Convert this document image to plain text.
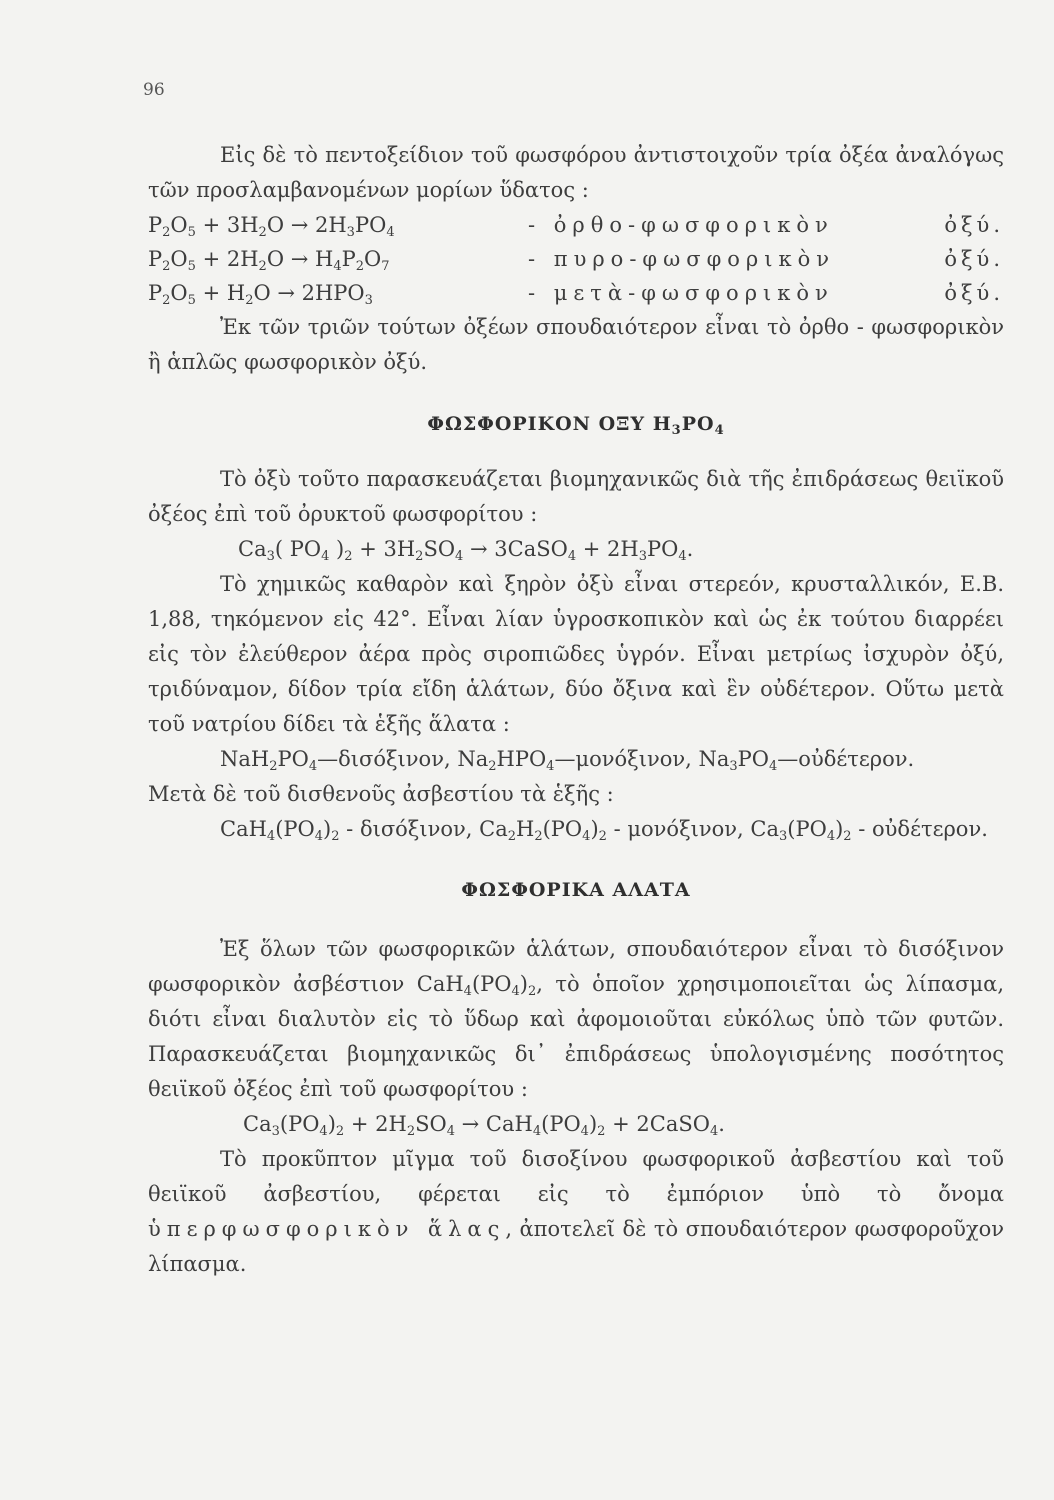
96

Εἰς δὲ τὸ πεντοξείδιον τοῦ φωσφόρου ἀντιστοιχοῦν τρία ὀξέα ἀναλόγως τῶν προσλαμβανομένων μορίων ὕδατος :

$P_2O_5 + 3H_2O \to 2H_3PO_4$	- ὀρθο-φωσφορικὸν	ὀξύ.
$P_2O_5 + 2H_2O \to H_4P_2O_7$	- πυρο-φωσφορικὸν	ὀξύ.
$P_2O_5 + H_2O \to 2HPO_3$	- μετὰ-φωσφορικὸν	ὀξύ.

Ἐκ τῶν τριῶν τούτων ὀξέων σπουδαιότερον εἶναι τὸ ὀρθο - φωσφορικὸν ἢ ἁπλῶς φωσφορικὸν ὀξύ.

ΦΩΣΦΟΡΙΚΟΝ ΟΞΥ $H_3PO_4$

Τὸ ὀξὺ τοῦτο παρασκευάζεται βιομηχανικῶς διὰ τῆς ἐπιδράσεως θειϊκοῦ ὀξέος ἐπὶ τοῦ ὀρυκτοῦ φωσφορίτου :

$Ca_3$( $PO_4$ )$_2 + 3H_2SO_4$ → 3CaSO$_4$ + $2H_3PO_4$.

Τὸ χημικῶς καθαρὸν καὶ ξηρὸν ὀξὺ εἶναι στερεόν, κρυσταλλικόν, Ε.Β. 1,88, τηκόμενον εἰς 42°. Εἶναι λίαν ὑγροσκοπικὸν καὶ ὡς ἐκ τούτου διαρρέει εἰς τὸν ἐλεύθερον ἀέρα πρὸς σιροπιῶδες ὑγρόν. Εἶναι μετρίως ἰσχυρὸν ὀξύ, τριδύναμον, δίδον τρία εἴδη ἁλάτων, δύο ὄξινα καὶ ἓν οὐδέτερον. Οὕτω μετὰ τοῦ νατρίου δίδει τὰ ἑξῆς ἅλατα :

$NaH_2PO_4—\delta\iota\sigma ό\xi\iota\nu o\nu$, $Na_2HPO_4—\mu o\nu ό\xi\iota\nu o\nu$, $Na_3PO_4—oὐ\delta έ\tau\varepsilon\rho o\nu$.

Μετὰ δὲ τοῦ δισθενοῦς ἀσβεστίου τὰ ἑξῆς :

$CaH_4(PO_4)_2$ - δισόξινον, $Ca_2H_2(PO_4)_2$ - μονόξινον, $Ca_3(PO_4)_2$ - οὐδέτερον.

ΦΩΣΦΟΡΙΚΑ ΑΛΑΤΑ

Ἐξ ὅλων τῶν φωσφορικῶν ἁλάτων, σπουδαιότερον εἶναι τὸ δισόξινον φωσφορικὸν ἀσβέστιον $CaH_4(PO_4)_2$, τὸ ὁποῖον χρησιμοποιεῖται ὡς λίπασμα, διότι εἶναι διαλυτὸν εἰς τὸ ὕδωρ καὶ ἀφομοιοῦται εὐκόλως ὑπὸ τῶν φυτῶν. Παρασκευάζεται βιομηχανικῶς δι᾽ ἐπιδράσεως ὑπολογισμένης ποσότητος θειϊκοῦ ὀξέος ἐπὶ τοῦ φωσφορίτου :

$Ca_3(PO_4)_2 + 2H_2SO_4 \to CaH_4(PO_4)_2$ + 2CaSO$_4$.

Τὸ προκῦπτον μῖγμα τοῦ δισοξίνου φωσφορικοῦ ἀσβεστίου καὶ τοῦ θειϊκοῦ ἀσβεστίου, φέρεται εἰς τὸ ἐμπόριον ὑπὸ τὸ ὄνομα ὑπερφωσφορικὸν ἅλας, ἀποτελεῖ δὲ τὸ σπουδαιότερον φωσφοροῦχον λίπασμα.
